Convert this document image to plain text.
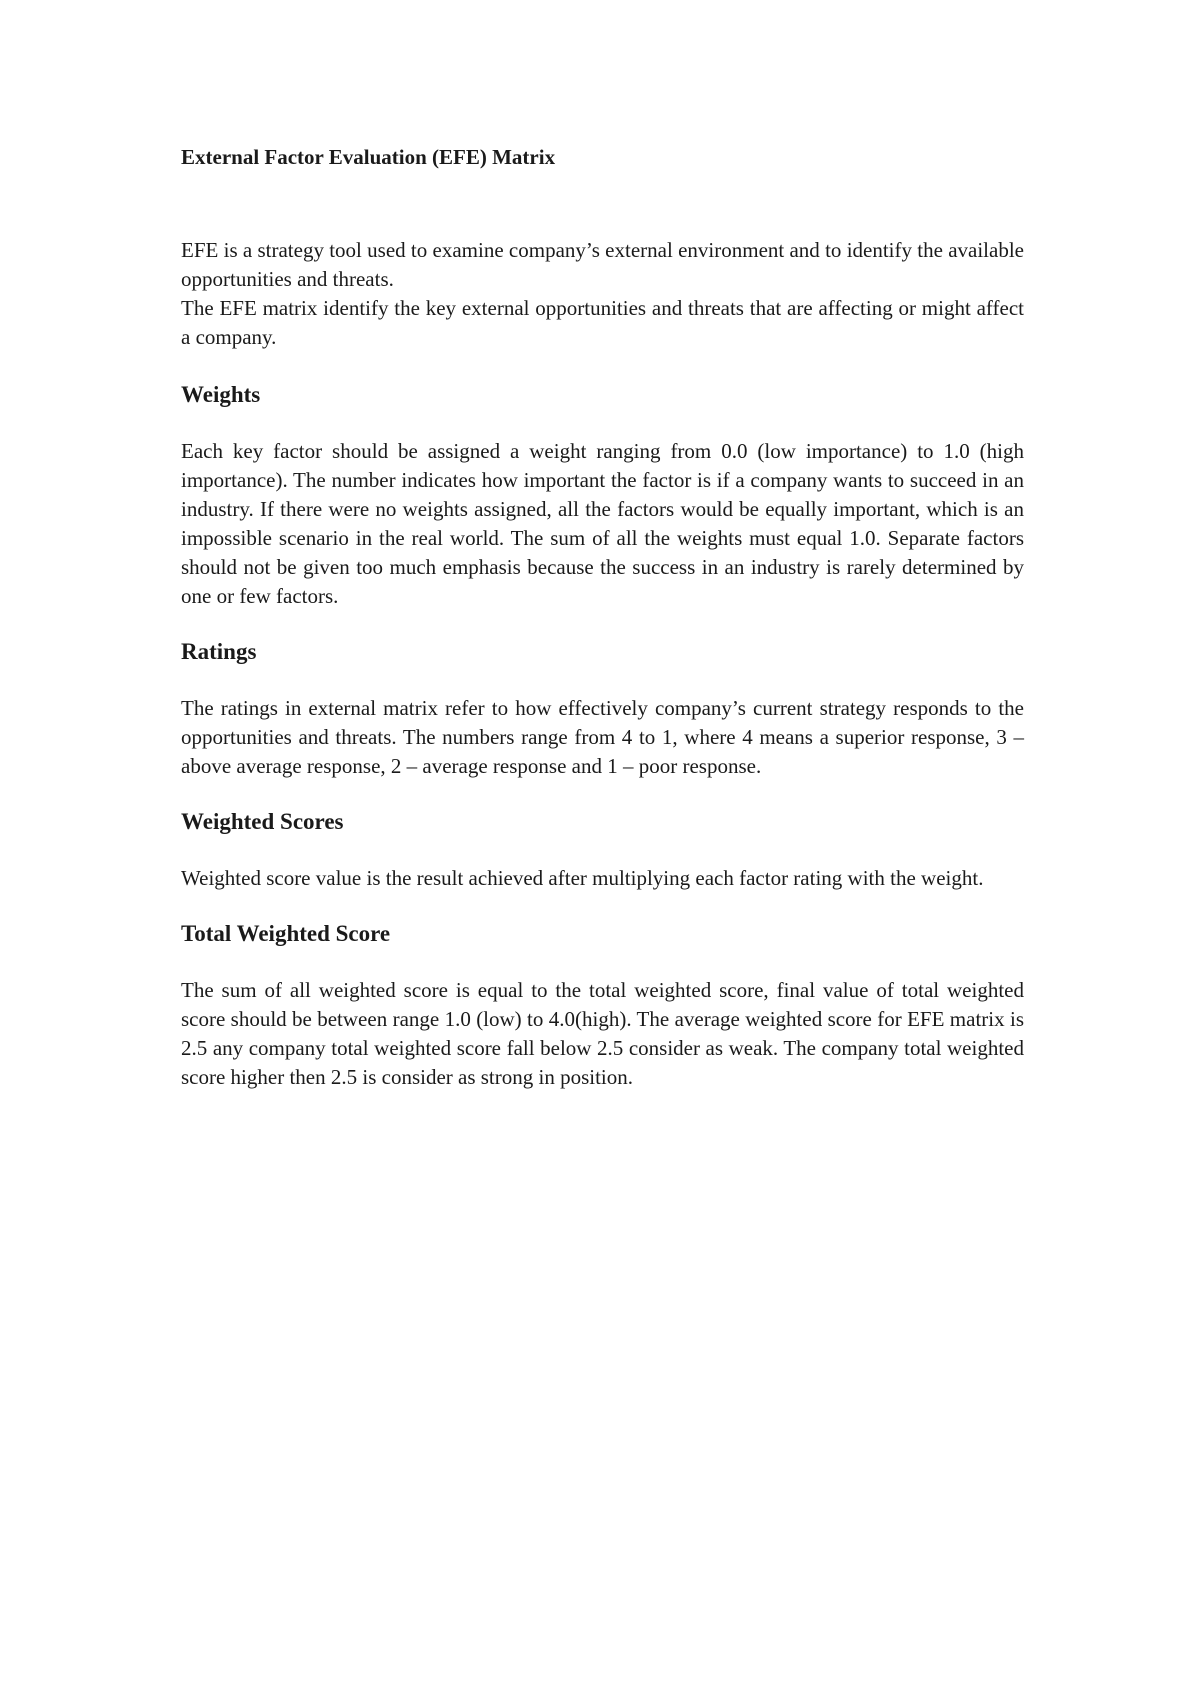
External Factor Evaluation (EFE) Matrix

EFE is a strategy tool used to examine company’s external environment and to identify the available opportunities and threats.

The EFE matrix identify the key external opportunities and threats that are affecting or might affect a company.

Weights

Each key factor should be assigned a weight ranging from 0.0 (low importance) to 1.0 (high importance). The number indicates how important the factor is if a company wants to succeed in an industry. If there were no weights assigned, all the factors would be equally important, which is an impossible scenario in the real world. The sum of all the weights must equal 1.0. Separate factors should not be given too much emphasis because the success in an industry is rarely determined by one or few factors.

Ratings

The ratings in external matrix refer to how effectively company’s current strategy responds to the opportunities and threats. The numbers range from 4 to 1, where 4 means a superior response, 3 – above average response, 2 – average response and 1 – poor response.

Weighted Scores

Weighted score value is the result achieved after multiplying each factor rating with the weight.

Total Weighted Score

The sum of all weighted score is equal to the total weighted score, final value of total weighted score should be between range 1.0 (low) to 4.0(high). The average weighted score for EFE matrix is 2.5 any company total weighted score fall below 2.5 consider as weak. The company total weighted score higher then 2.5 is consider as strong in position.
